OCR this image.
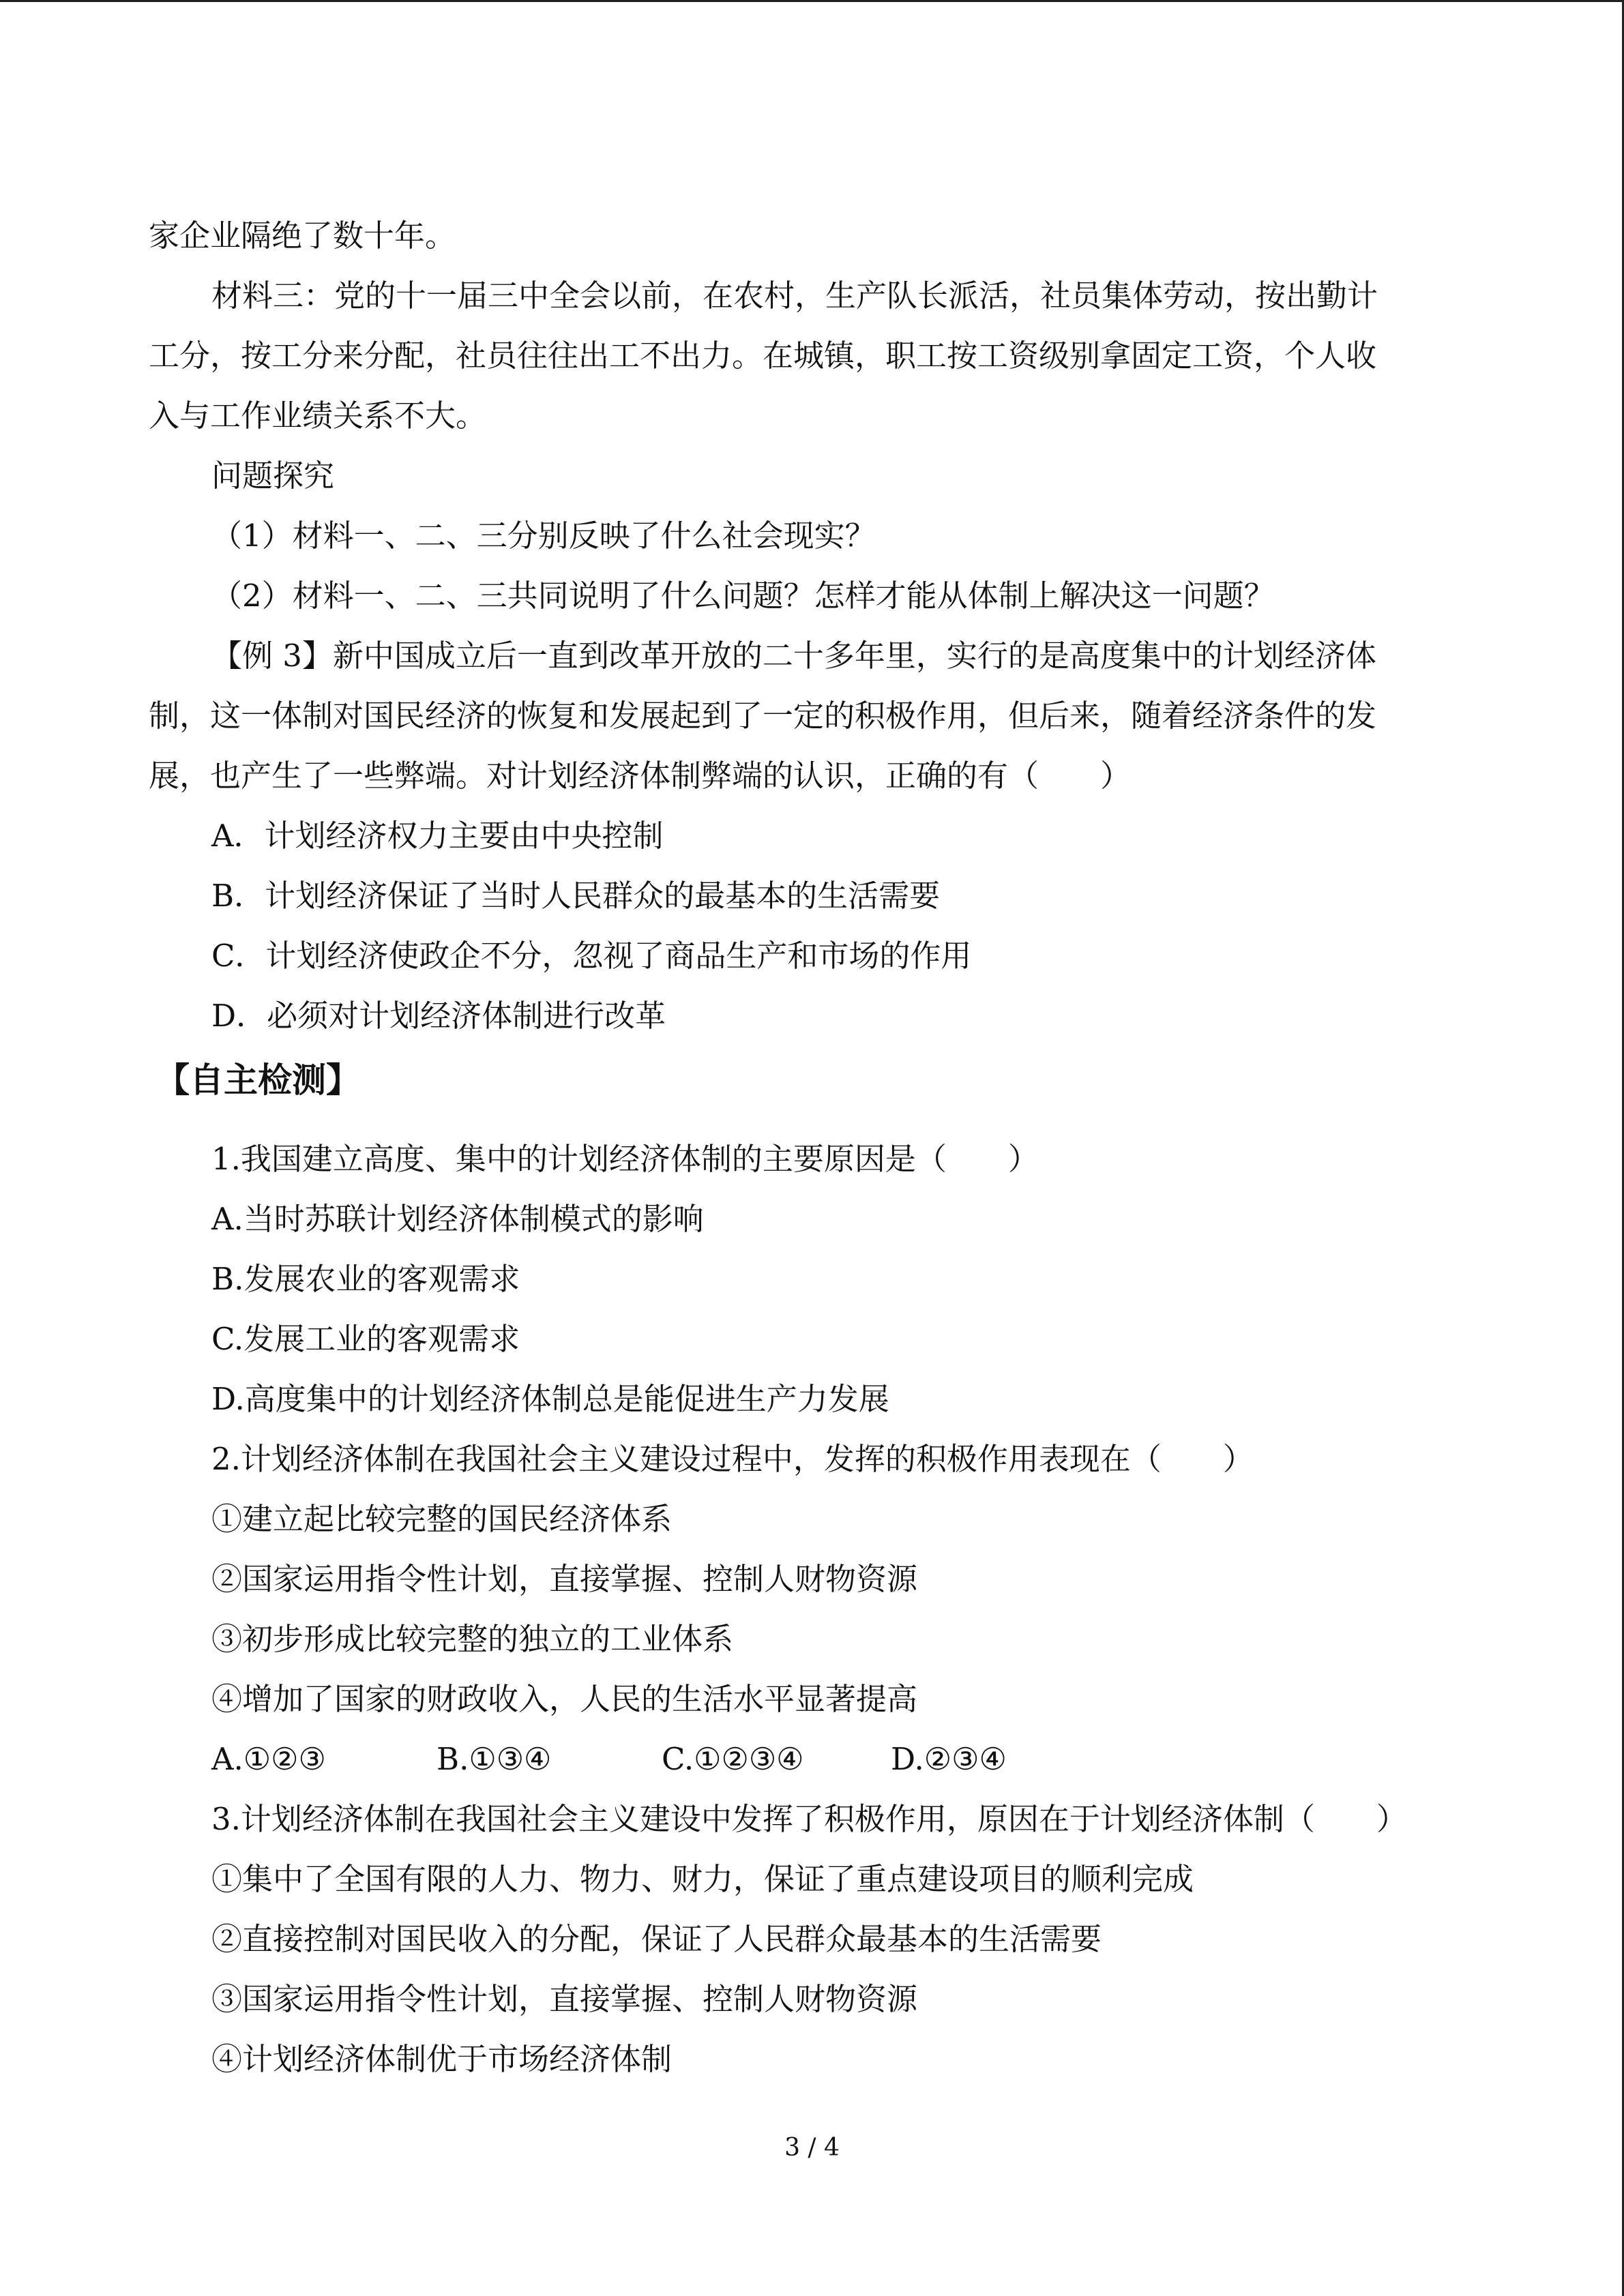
家企业隔绝了数十年。
材料三：党的十一届三中全会以前，在农村，生产队长派活，社员集体劳动，按出勤计
工分，按工分来分配，社员往往出工不出力。在城镇，职工按工资级别拿固定工资，个人收
入与工作业绩关系不大。
问题探究
（1）材料一、二、三分别反映了什么社会现实？
（2）材料一、二、三共同说明了什么问题？怎样才能从体制上解决这一问题？
【例 3】新中国成立后一直到改革开放的二十多年里，实行的是高度集中的计划经济体
制，这一体制对国民经济的恢复和发展起到了一定的积极作用，但后来，随着经济条件的发
展，也产生了一些弊端。对计划经济体制弊端的认识，正确的有（　　）
A．计划经济权力主要由中央控制
B．计划经济保证了当时人民群众的最基本的生活需要
C．计划经济使政企不分，忽视了商品生产和市场的作用
D．必须对计划经济体制进行改革
【自主检测】
1.我国建立高度、集中的计划经济体制的主要原因是（　　）
A.当时苏联计划经济体制模式的影响
B.发展农业的客观需求
C.发展工业的客观需求
D.高度集中的计划经济体制总是能促进生产力发展
2.计划经济体制在我国社会主义建设过程中，发挥的积极作用表现在（　　）
①建立起比较完整的国民经济体系
②国家运用指令性计划，直接掌握、控制人财物资源
③初步形成比较完整的独立的工业体系
④增加了国家的财政收入，人民的生活水平显著提高
A.①②③	B.①③④	C.①②③④	D.②③④
3.计划经济体制在我国社会主义建设中发挥了积极作用，原因在于计划经济体制（　　）
①集中了全国有限的人力、物力、财力，保证了重点建设项目的顺利完成
②直接控制对国民收入的分配，保证了人民群众最基本的生活需要
③国家运用指令性计划，直接掌握、控制人财物资源
④计划经济体制优于市场经济体制
3 / 4
